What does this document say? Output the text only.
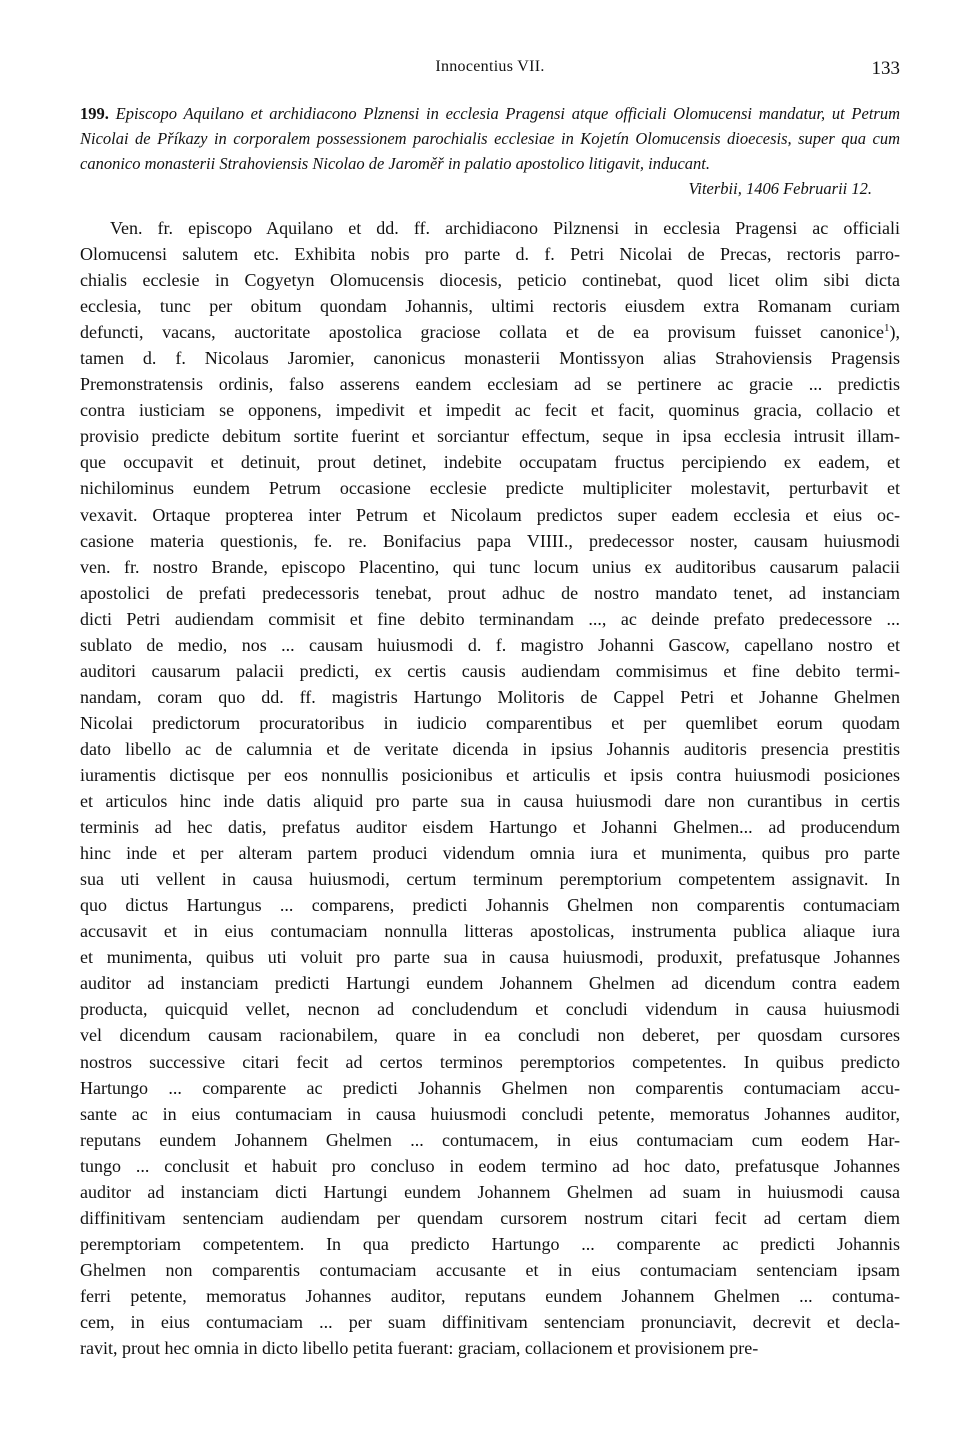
Innocentius VII.	133

199. Episcopo Aquilano et archidiacono Plznensi in ecclesia Pragensi atque officiali Olomucensi mandatur, ut Petrum Nicolai de Příkazy in corporalem possessionem parochialis ecclesiae in Kojetín Olomucensis dioecesis, super qua cum canonico monasterii Strahoviensis Nicolao de Jaroměř in palatio apostolico litigavit, inducant.

Viterbii, 1406 Februarii 12.

Ven. fr. episcopo Aquilano et dd. ff. archidiacono Pilznensi in ecclesia Pragensi ac officiali
Olomucensi salutem etc. Exhibita nobis pro parte d. f. Petri Nicolai de Precas, rectoris parro-
chialis ecclesie in Cogyetyn Olomucensis diocesis, peticio continebat, quod licet olim sibi dicta
ecclesia, tunc per obitum quondam Johannis, ultimi rectoris eiusdem extra Romanam curiam
defuncti, vacans, auctoritate apostolica graciose collata et de ea provisum fuisset canonice$^1$),
tamen d. f. Nicolaus Jaromier, canonicus monasterii Montissyon alias Strahoviensis Pragensis
Premonstratensis ordinis, falso asserens eandem ecclesiam ad se pertinere ac gracie ... predictis
contra iusticiam se opponens, impedivit et impedit ac fecit et facit, quominus gracia, collacio et
provisio predicte debitum sortite fuerint et sorciantur effectum, seque in ipsa ecclesia intrusit illam-
que occupavit et detinuit, prout detinet, indebite occupatam fructus percipiendo ex eadem, et
nichilominus eundem Petrum occasione ecclesie predicte multipliciter molestavit, perturbavit et
vexavit. Ortaque propterea inter Petrum et Nicolaum predictos super eadem ecclesia et eius oc-
casione materia questionis, fe. re. Bonifacius papa VIIII., predecessor noster, causam huiusmodi
ven. fr. nostro Brande, episcopo Placentino, qui tunc locum unius ex auditoribus causarum palacii
apostolici de prefati predecessoris tenebat, prout adhuc de nostro mandato tenet, ad instanciam
dicti Petri audiendam commisit et fine debito terminandam ..., ac deinde prefato predecessore ...
sublato de medio, nos ... causam huiusmodi d. f. magistro Johanni Gascow, capellano nostro et
auditori causarum palacii predicti, ex certis causis audiendam commisimus et fine debito termi-
nandam, coram quo dd. ff. magistris Hartungo Molitoris de Cappel Petri et Johanne Ghelmen
Nicolai predictorum procuratoribus in iudicio comparentibus et per quemlibet eorum quodam
dato libello ac de calumnia et de veritate dicenda in ipsius Johannis auditoris presencia prestitis
iuramentis dictisque per eos nonnullis posicionibus et articulis et ipsis contra huiusmodi posiciones
et articulos hinc inde datis aliquid pro parte sua in causa huiusmodi dare non curantibus in certis
terminis ad hec datis, prefatus auditor eisdem Hartungo et Johanni Ghelmen... ad producendum
hinc inde et per alteram partem produci videndum omnia iura et munimenta, quibus pro parte
sua uti vellent in causa huiusmodi, certum terminum peremptorium competentem assignavit. In
quo dictus Hartungus ... comparens, predicti Johannis Ghelmen non comparentis contumaciam
accusavit et in eius contumaciam nonnulla litteras apostolicas, instrumenta publica aliaque iura
et munimenta, quibus uti voluit pro parte sua in causa huiusmodi, produxit, prefatusque Johannes
auditor ad instanciam predicti Hartungi eundem Johannem Ghelmen ad dicendum contra eadem
producta, quicquid vellet, necnon ad concludendum et concludi videndum in causa huiusmodi
vel dicendum causam racionabilem, quare in ea concludi non deberet, per quosdam cursores
nostros successive citari fecit ad certos terminos peremptorios competentes. In quibus predicto
Hartungo ... comparente ac predicti Johannis Ghelmen non comparentis contumaciam accu-
sante ac in eius contumaciam in causa huiusmodi concludi petente, memoratus Johannes auditor,
reputans eundem Johannem Ghelmen ... contumacem, in eius contumaciam cum eodem Har-
tungo ... conclusit et habuit pro concluso in eodem termino ad hoc dato, prefatusque Johannes
auditor ad instanciam dicti Hartungi eundem Johannem Ghelmen ad suam in huiusmodi causa
diffinitivam sentenciam audiendam per quendam cursorem nostrum citari fecit ad certam diem
peremptoriam competentem. In qua predicto Hartungo ... comparente ac predicti Johannis
Ghelmen non comparentis contumaciam accusante et in eius contumaciam sentenciam ipsam
ferri petente, memoratus Johannes auditor, reputans eundem Johannem Ghelmen ... contuma-
cem, in eius contumaciam ... per suam diffinitivam sentenciam pronunciavit, decrevit et decla-
ravit, prout hec omnia in dicto libello petita fuerant: graciam, collacionem et provisionem pre-
